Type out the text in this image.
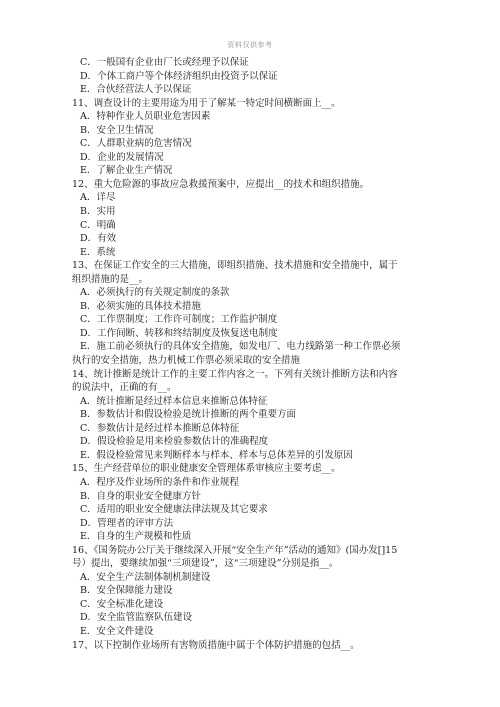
资料仅供参考
C．一般国有企业由厂长或经理予以保证
D．个体工商户等个体经济组织由投资予以保证
E．合伙经营法人予以保证
11、调查设计的主要用途为用于了解某一特定时间横断面上__。
A．特种作业人员职业危害因素
B．安全卫生情况
C．人群职业病的危害情况
D．企业的发展情况
E．了解企业生产情况
12、重大危险源的事故应急救援预案中，应提出__的技术和组织措施。
A．详尽
B．实用
C．明确
D．有效
E．系统
13、在保证工作安全的三大措施，即组织措施、技术措施和安全措施中，属于
组织措施的是__。
A．必须执行的有关规定制度的条款
B．必须实施的具体技术措施
C．工作票制度；工作许可制度；工作监护制度
D．工作间断、转移和终结制度及恢复送电制度
E．施工前必须执行的具体安全措施，如发电厂、电力线路第一种工作票必须
执行的安全措施，热力机械工作票必须采取的安全措施
14、统计推断是统计工作的主要工作内容之一。下列有关统计推断方法和内容
的说法中，正确的有__。
A．统计推断是经过样本信息来推断总体特征
B．参数估计和假设检验是统计推断的两个重要方面
C．参数估计是经过样本推断总体特征
D．假设检验是用来检验参数估计的准确程度
E．假设检验常见来判断样本与样本、样本与总体差异的引发原因
15、生产经营单位的职业健康安全管理体系审核应主要考虑__。
A．程序及作业场所的条件和作业规程
B．自身的职业安全健康方针
C．适用的职业安全健康法律法规及其它要求
D．管理者的评审方法
E．自身的生产规模和性质
16、《国务院办公厅关于继续深入开展“安全生产年”活动的通知》(国办发[]15
号）提出，要继续加强“三项建设”，这“三项建设”分别是指__。
A．安全生产法制体制机制建设
B．安全保障能力建设
C．安全标准化建设
D．安全监管监察队伍建设
E．安全文件建设
17、以下控制作业场所有害物质措施中属于个体防护措施的包括__。
